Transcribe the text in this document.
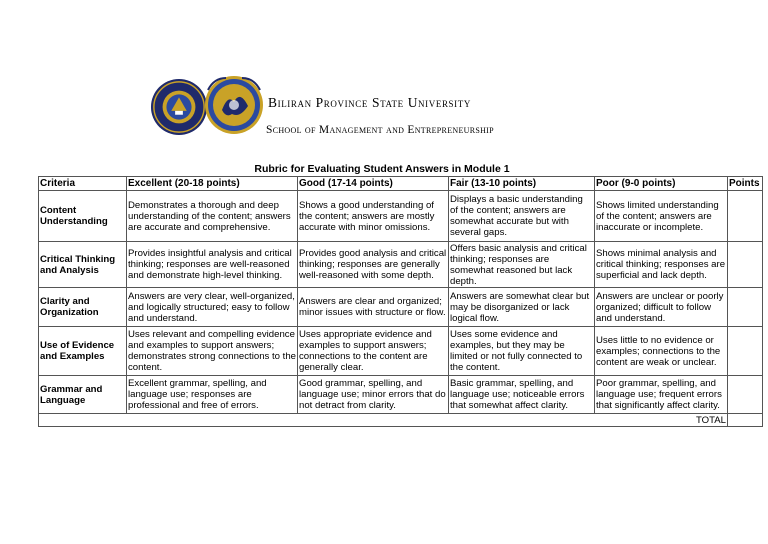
Biliran Province State University
School of Management and Entrepreneurship
Rubric for Evaluating Student Answers in Module 1
Criteria	Excellent (20-18 points)	Good (17-14 points)	Fair (13-10 points)	Poor (9-0 points)	Points
Content Understanding	Demonstrates a thorough and deep understanding of the content; answers are accurate and comprehensive.	Shows a good understanding of the content; answers are mostly accurate with minor omissions.	Displays a basic understanding of the content; answers are somewhat accurate but with several gaps.	Shows limited understanding of the content; answers are inaccurate or incomplete.	
Critical Thinking and Analysis	Provides insightful analysis and critical thinking; responses are well-reasoned and demonstrate high-level thinking.	Provides good analysis and critical thinking; responses are generally well-reasoned with some depth.	Offers basic analysis and critical thinking; responses are somewhat reasoned but lack depth.	Shows minimal analysis and critical thinking; responses are superficial and lack depth.	
Clarity and Organization	Answers are very clear, well-organized, and logically structured; easy to follow and understand.	Answers are clear and organized; minor issues with structure or flow.	Answers are somewhat clear but may be disorganized or lack logical flow.	Answers are unclear or poorly organized; difficult to follow and understand.	
Use of Evidence and Examples	Uses relevant and compelling evidence and examples to support answers; demonstrates strong connections to the content.	Uses appropriate evidence and examples to support answers; connections to the content are generally clear.	Uses some evidence and examples, but they may be limited or not fully connected to the content.	Uses little to no evidence or examples; connections to the content are weak or unclear.	
Grammar and Language	Excellent grammar, spelling, and language use; responses are professional and free of errors.	Good grammar, spelling, and language use; minor errors that do not detract from clarity.	Basic grammar, spelling, and language use; noticeable errors that somewhat affect clarity.	Poor grammar, spelling, and language use; frequent errors that significantly affect clarity.	
TOTAL					
